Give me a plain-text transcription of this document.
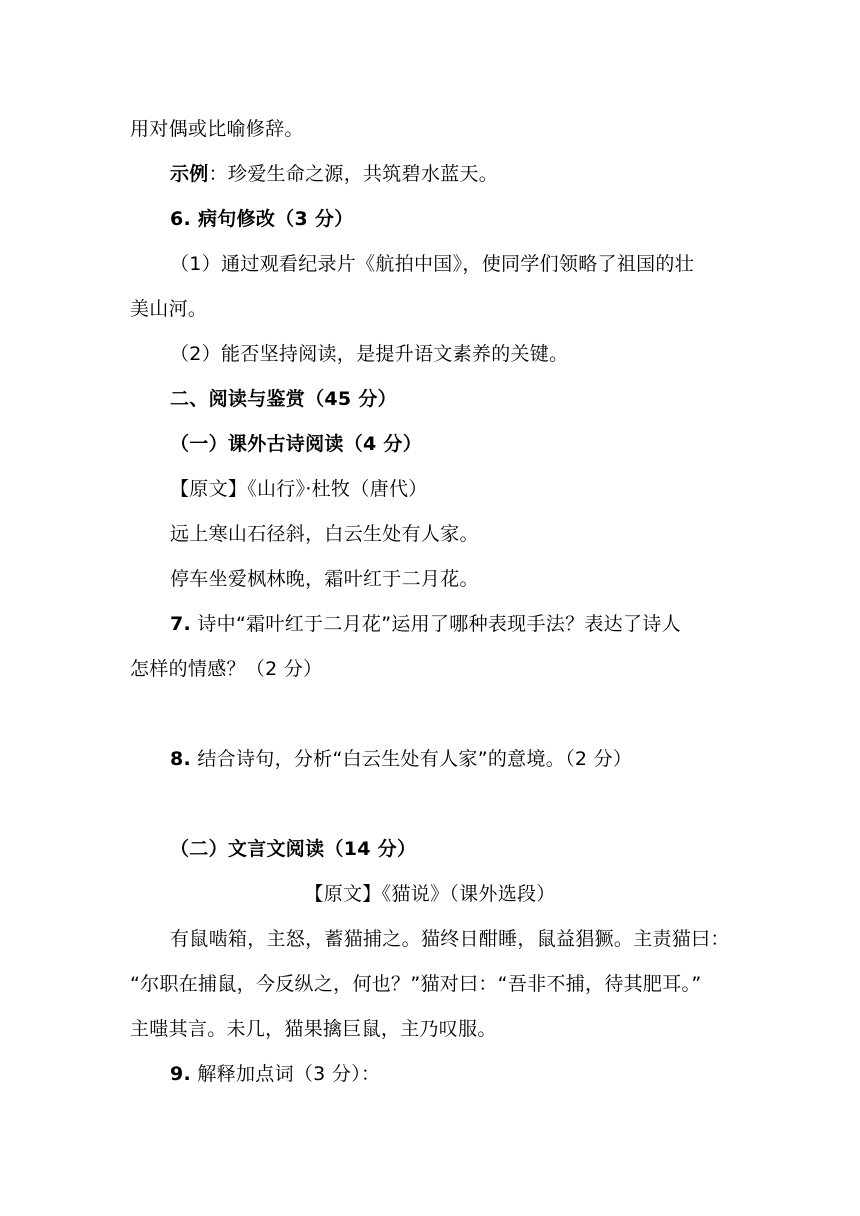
用对偶或比喻修辞。
示例：珍爱生命之源，共筑碧水蓝天。
6. 病句修改（3 分）
（1）通过观看纪录片《航拍中国》，使同学们领略了祖国的壮
美山河。
（2）能否坚持阅读，是提升语文素养的关键。
二、阅读与鉴赏（45 分）
（一）课外古诗阅读（4 分）
【原文】《山行》·杜牧（唐代）
远上寒山石径斜，白云生处有人家。
停车坐爱枫林晚，霜叶红于二月花。
7. 诗中“霜叶红于二月花”运用了哪种表现手法？表达了诗人
怎样的情感？（2 分）
8. 结合诗句，分析“白云生处有人家”的意境。（2 分）
（二）文言文阅读（14 分）
【原文】《猫说》（课外选段）
有鼠啮箱，主怒，蓄猫捕之。猫终日酣睡，鼠益猖獗。主责猫曰：
“尔职在捕鼠，今反纵之，何也？”猫对曰：“吾非不捕，待其肥耳。”
主嗤其言。未几，猫果擒巨鼠，主乃叹服。
9. 解释加点词（3 分）：
